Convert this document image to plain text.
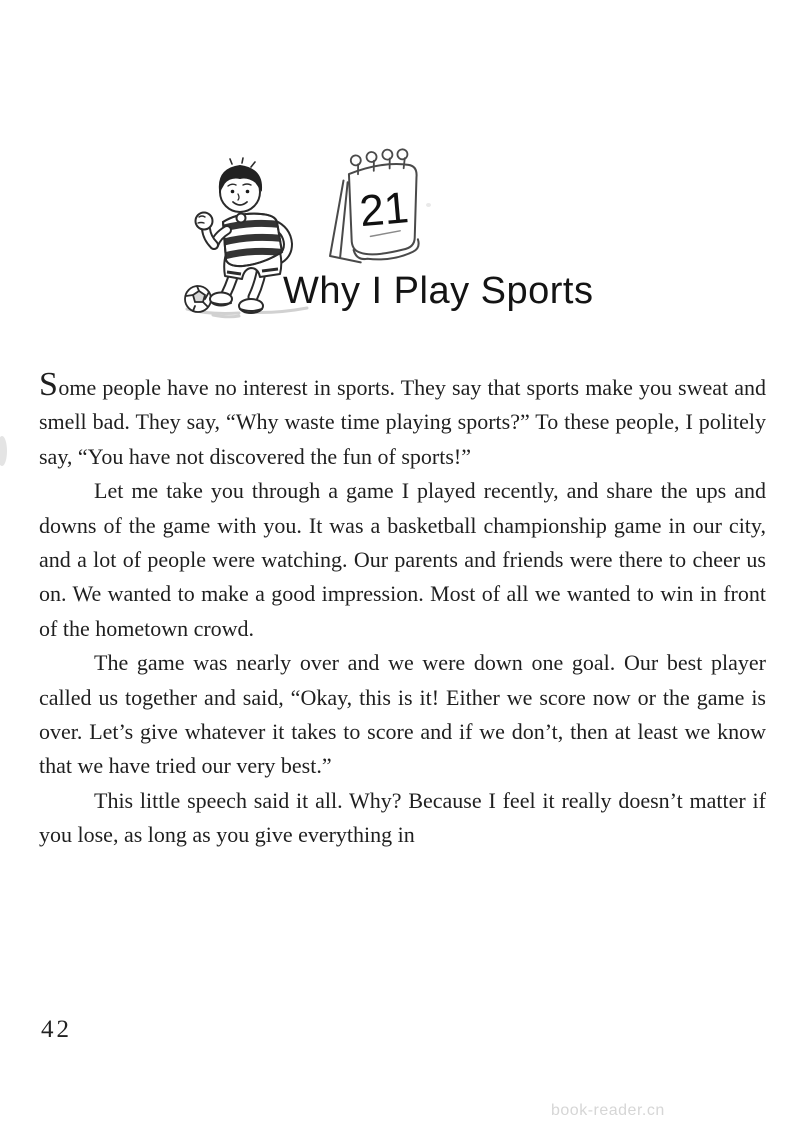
21
Why I Play Sports

Some people have no interest in sports. They say that sports make you sweat and smell bad. They say, “Why waste time playing sports?” To these people, I politely say, “You have not discovered the fun of sports!”

Let me take you through a game I played recently, and share the ups and downs of the game with you. It was a basketball championship game in our city, and a lot of people were watching. Our parents and friends were there to cheer us on. We wanted to make a good impression. Most of all we wanted to win in front of the hometown crowd.

The game was nearly over and we were down one goal. Our best player called us together and said, “Okay, this is it! Either we score now or the game is over. Let’s give whatever it takes to score and if we don’t, then at least we know that we have tried our very best.”

This little speech said it all. Why? Because I feel it really doesn’t matter if you lose, as long as you give everything in

42
book-reader.cn
